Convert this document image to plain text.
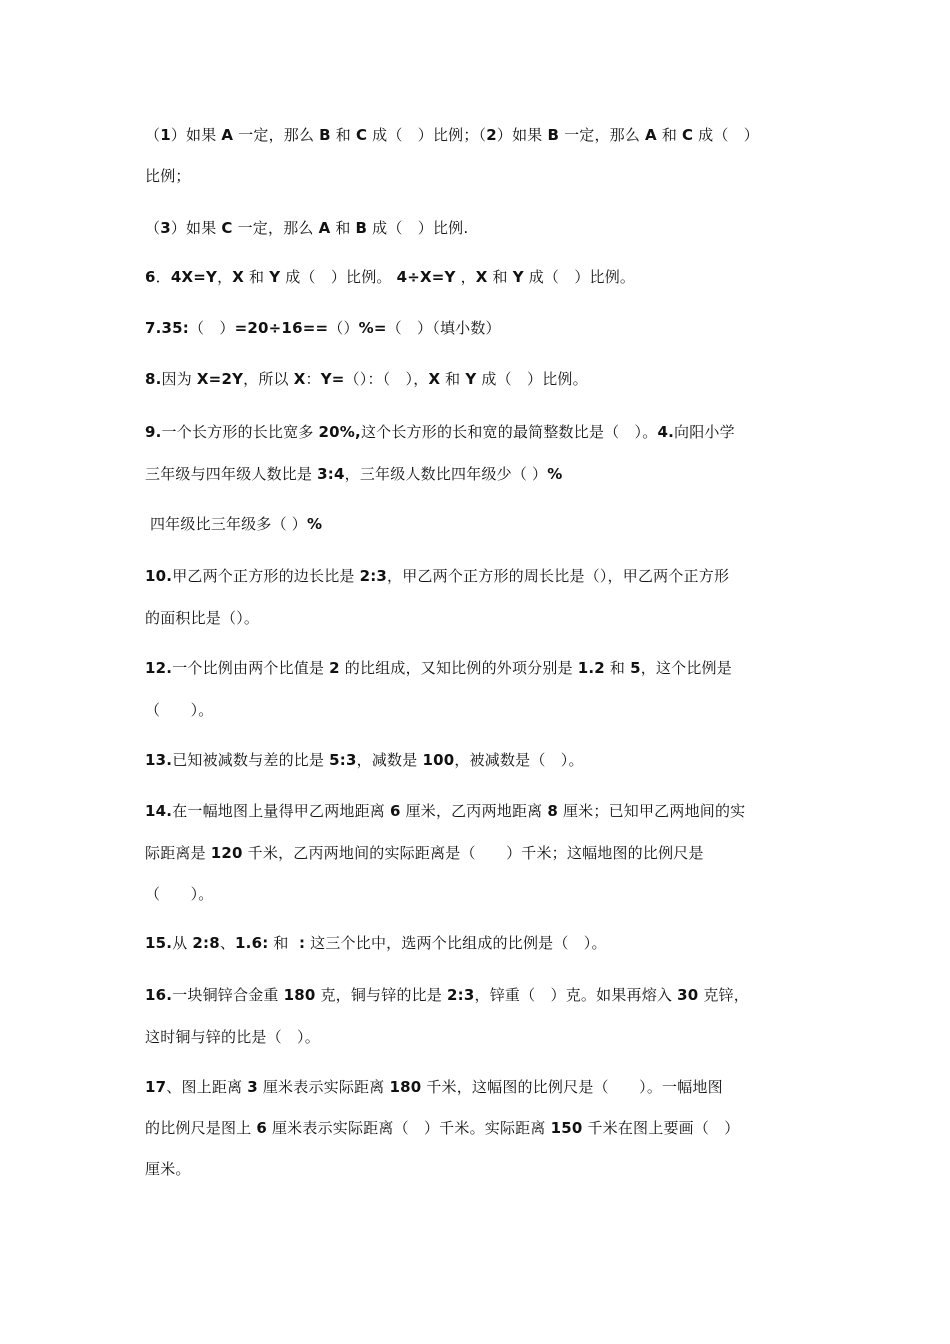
（1）如果 A 一定，那么 B 和 C 成（　）比例；（2）如果 B 一定，那么 A 和 C 成（　）
比例；
（3）如果 C 一定，那么 A 和 B 成（　）比例.
6．4X=Y，X 和 Y 成（　）比例。 4÷X=Y ，X 和 Y 成（　）比例。
7.35:（　）=20÷16==（）%=（　）（填小数）
8.因为 X=2Y，所以 X：Y=（）：（　），X 和 Y 成（　）比例。
9.一个长方形的长比宽多 20%,这个长方形的长和宽的最简整数比是（　）。4.向阳小学
三年级与四年级人数比是 3:4，三年级人数比四年级少（ ）%
四年级比三年级多（ ）%
10.甲乙两个正方形的边长比是 2:3，甲乙两个正方形的周长比是（），甲乙两个正方形
的面积比是（）。
12.一个比例由两个比值是 2 的比组成，又知比例的外项分别是 1.2 和 5，这个比例是
（　　）。
13.已知被减数与差的比是 5:3，减数是 100，被减数是（　）。
14.在一幅地图上量得甲乙两地距离 6 厘米，乙丙两地距离 8 厘米；已知甲乙两地间的实
际距离是 120 千米，乙丙两地间的实际距离是（　　）千米；这幅地图的比例尺是
（　　）。
15.从 2:8、1.6: 和  : 这三个比中，选两个比组成的比例是（　）。
16.一块铜锌合金重 180 克，铜与锌的比是 2:3，锌重（　）克。如果再熔入 30 克锌，
这时铜与锌的比是（　）。
17、图上距离 3 厘米表示实际距离 180 千米，这幅图的比例尺是（　　）。一幅地图
的比例尺是图上 6 厘米表示实际距离（　）千米。实际距离 150 千米在图上要画（　）
厘米。
